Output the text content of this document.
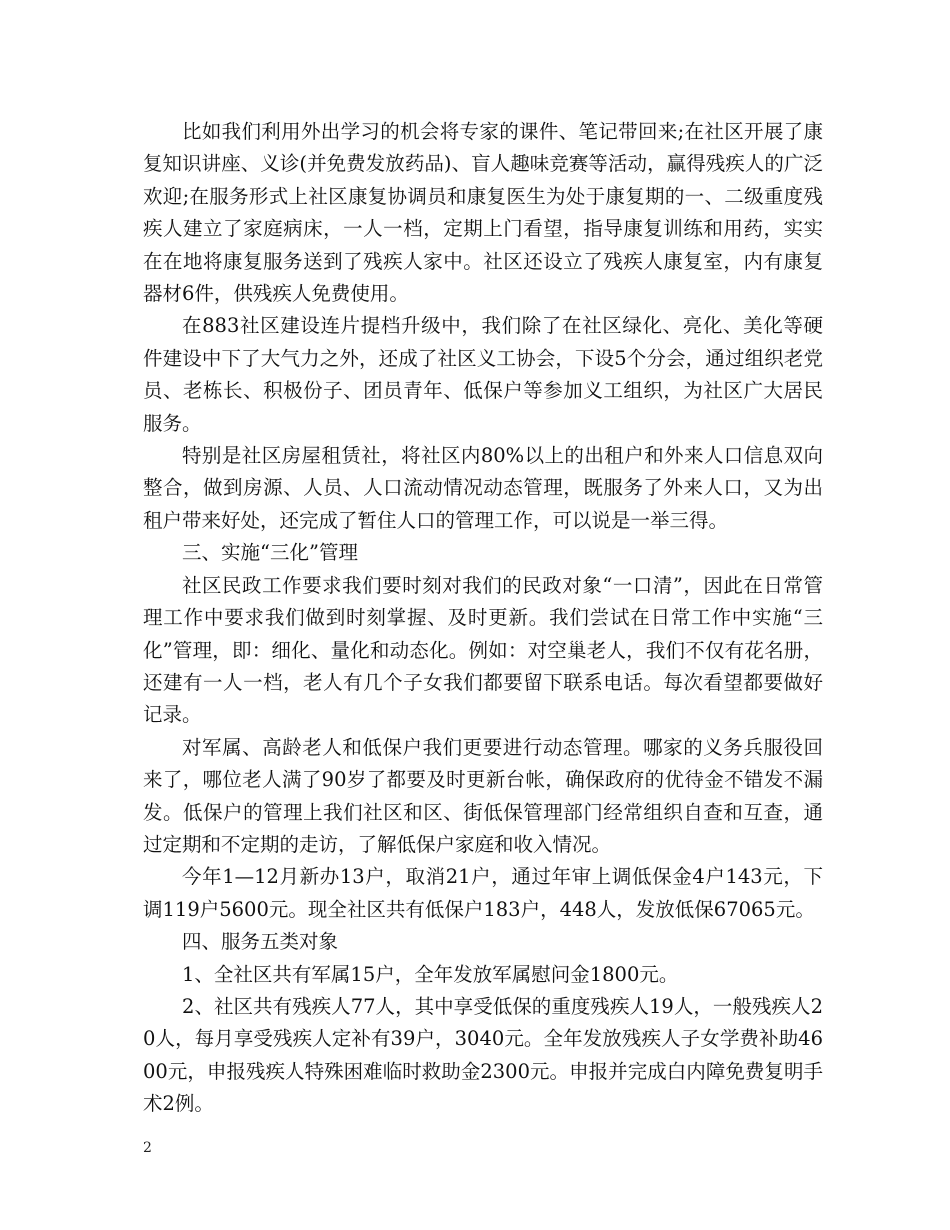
比如我们利用外出学习的机会将专家的课件、笔记带回来;在社区开展了康复知识讲座、义诊(并免费发放药品)、盲人趣味竞赛等活动，赢得残疾人的广泛欢迎;在服务形式上社区康复协调员和康复医生为处于康复期的一、二级重度残疾人建立了家庭病床，一人一档，定期上门看望，指导康复训练和用药，实实在在地将康复服务送到了残疾人家中。社区还设立了残疾人康复室，内有康复器材6件，供残疾人免费使用。

在883社区建设连片提档升级中，我们除了在社区绿化、亮化、美化等硬件建设中下了大气力之外，还成了社区义工协会，下设5个分会，通过组织老党员、老栋长、积极份子、团员青年、低保户等参加义工组织，为社区广大居民服务。

特别是社区房屋租赁社，将社区内80%以上的出租户和外来人口信息双向整合，做到房源、人员、人口流动情况动态管理，既服务了外来人口，又为出租户带来好处，还完成了暂住人口的管理工作，可以说是一举三得。

三、实施“三化”管理

社区民政工作要求我们要时刻对我们的民政对象“一口清”，因此在日常管理工作中要求我们做到时刻掌握、及时更新。我们尝试在日常工作中实施“三化”管理，即：细化、量化和动态化。例如：对空巢老人，我们不仅有花名册，还建有一人一档，老人有几个子女我们都要留下联系电话。每次看望都要做好记录。

对军属、高龄老人和低保户我们更要进行动态管理。哪家的义务兵服役回来了，哪位老人满了90岁了都要及时更新台帐，确保政府的优待金不错发不漏发。低保户的管理上我们社区和区、街低保管理部门经常组织自查和互查，通过定期和不定期的走访，了解低保户家庭和收入情况。

今年1—12月新办13户，取消21户，通过年审上调低保金4户143元，下调119户5600元。现全社区共有低保户183户，448人，发放低保67065元。

四、服务五类对象

1、全社区共有军属15户，全年发放军属慰问金1800元。

2、社区共有残疾人77人，其中享受低保的重度残疾人19人，一般残疾人20人，每月享受残疾人定补有39户，3040元。全年发放残疾人子女学费补助4600元，申报残疾人特殊困难临时救助金2300元。申报并完成白内障免费复明手术2例。

2
